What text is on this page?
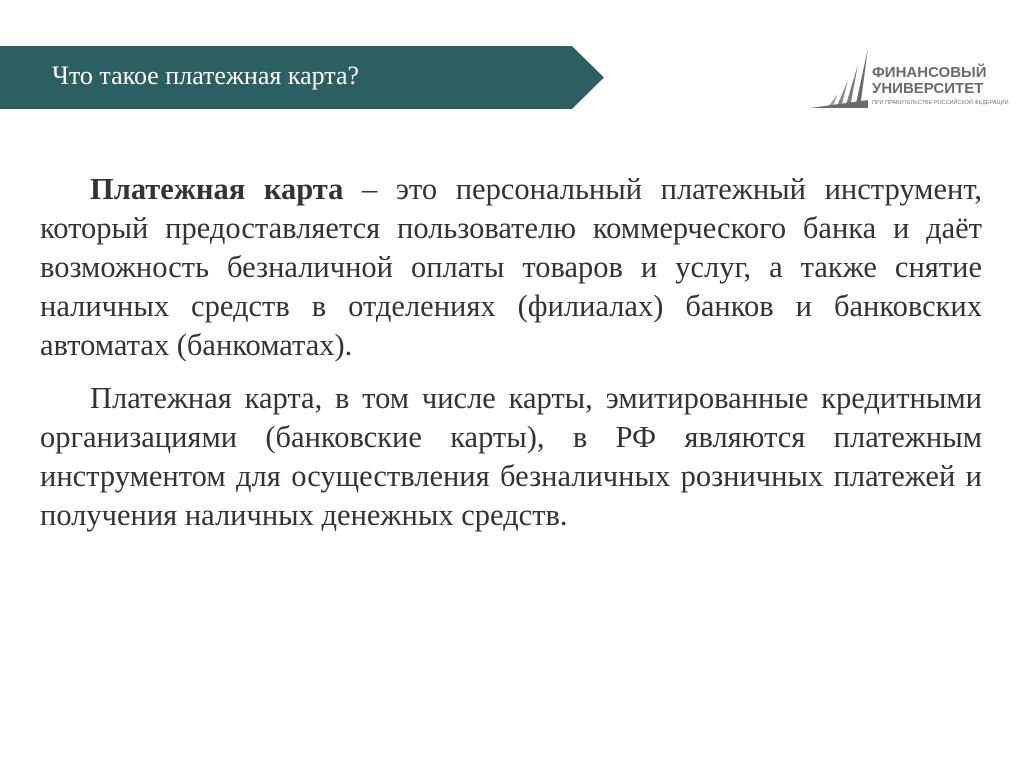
Что такое платежная карта?	ФИНАНСОВЫЙ
УНИВЕРСИТЕТ
ПРИ ПРАВИТЕЛЬСТВЕ РОССИЙСКОЙ ФЕДЕРАЦИИ

Платежная карта – это персональный платежный инструмент, который предоставляется пользователю коммерческого банка и даёт возможность безналичной оплаты товаров и услуг, а также снятие наличных средств в отделениях (филиалах) банков и банковских автоматах (банкоматах).

Платежная карта, в том числе карты, эмитированные кредитными организациями (банковские карты), в РФ являются платежным инструментом для осуществления безналичных розничных платежей и получения наличных денежных средств.
